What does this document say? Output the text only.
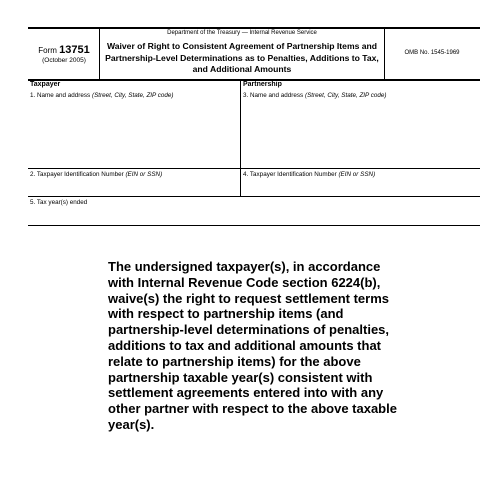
Department of the Treasury — Internal Revenue Service
Form 13751
(October 2005)
Waiver of Right to Consistent Agreement of Partnership Items and Partnership-Level Determinations as to Penalties, Additions to Tax, and Additional Amounts
OMB No. 1545-1969
Taxpayer	Partnership
1. Name and address (Street, City, State, ZIP code)	3. Name and address (Street, City, State, ZIP code)
2. Taxpayer Identification Number (EIN or SSN)	4. Taxpayer Identification Number (EIN or SSN)
5. Tax year(s) ended
The undersigned taxpayer(s), in accordance with Internal Revenue Code section 6224(b), waive(s) the right to request settlement terms with respect to partnership items (and partnership-level determinations of penalties, additions to tax and additional amounts that relate to partnership items) for the above partnership taxable year(s) consistent with settlement agreements entered into with any other partner with respect to the above taxable year(s).
